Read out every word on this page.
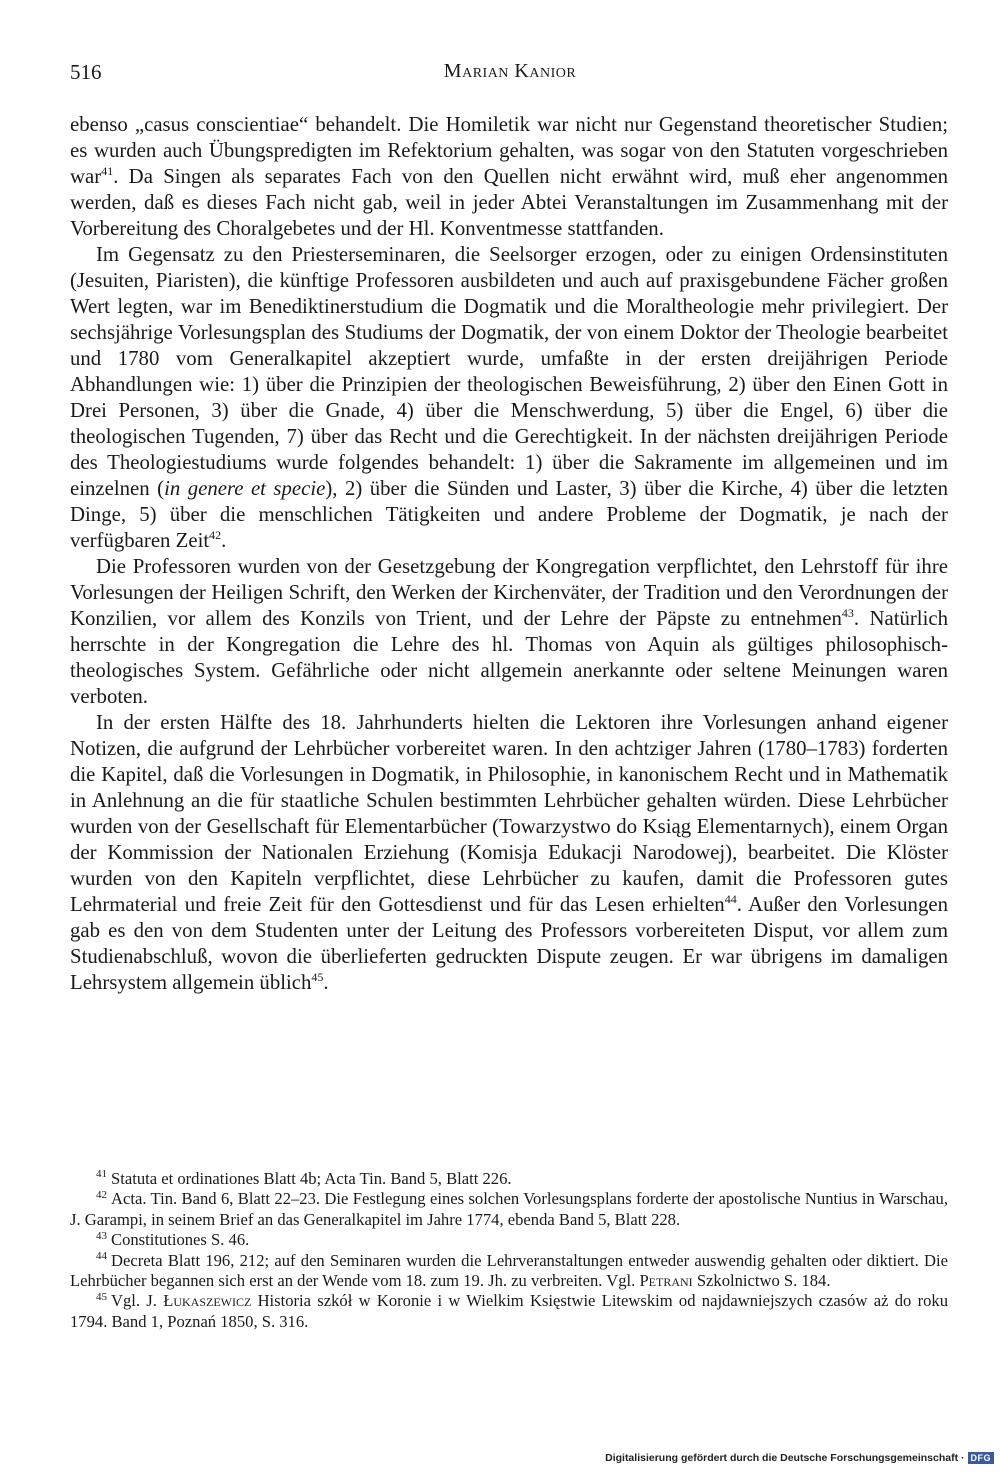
516	Marian Kanior

ebenso „casus conscientiae“ behandelt. Die Homiletik war nicht nur Gegenstand theoretischer Studien; es wurden auch Übungspredigten im Refektorium gehalten, was sogar von den Statuten vorgeschrieben war$^{41}$. Da Singen als separates Fach von den Quellen nicht erwähnt wird, muß eher angenommen werden, daß es dieses Fach nicht gab, weil in jeder Abtei Veranstaltungen im Zusammenhang mit der Vorbereitung des Choralgebetes und der Hl. Konventmesse stattfanden.

Im Gegensatz zu den Priesterseminaren, die Seelsorger erzogen, oder zu einigen Ordensinstituten (Jesuiten, Piaristen), die künftige Professoren ausbildeten und auch auf praxisgebundene Fächer großen Wert legten, war im Benediktinerstudium die Dogmatik und die Moraltheologie mehr privilegiert. Der sechsjährige Vorlesungsplan des Studiums der Dogmatik, der von einem Doktor der Theologie bearbeitet und 1780 vom Generalkapitel akzeptiert wurde, umfaßte in der ersten dreijährigen Periode Abhandlungen wie: 1) über die Prinzipien der theologischen Beweisführung, 2) über den Einen Gott in Drei Personen, 3) über die Gnade, 4) über die Menschwerdung, 5) über die Engel, 6) über die theologischen Tugenden, 7) über das Recht und die Gerechtigkeit. In der nächsten dreijährigen Periode des Theologiestudiums wurde folgendes behandelt: 1) über die Sakramente im allgemeinen und im einzelnen (in genere et specie), 2) über die Sünden und Laster, 3) über die Kirche, 4) über die letzten Dinge, 5) über die menschlichen Tätigkeiten und andere Probleme der Dogmatik, je nach der verfügbaren Zeit$^{42}$.

Die Professoren wurden von der Gesetzgebung der Kongregation verpflichtet, den Lehrstoff für ihre Vorlesungen der Heiligen Schrift, den Werken der Kirchenväter, der Tradition und den Verordnungen der Konzilien, vor allem des Konzils von Trient, und der Lehre der Päpste zu entnehmen$^{43}$. Natürlich herrschte in der Kongregation die Lehre des hl. Thomas von Aquin als gültiges philosophisch-theologisches System. Gefährliche oder nicht allgemein anerkannte oder seltene Meinungen waren verboten.

In der ersten Hälfte des 18. Jahrhunderts hielten die Lektoren ihre Vorlesungen anhand eigener Notizen, die aufgrund der Lehrbücher vorbereitet waren. In den achtziger Jahren (1780–1783) forderten die Kapitel, daß die Vorlesungen in Dogmatik, in Philosophie, in kanonischem Recht und in Mathematik in Anlehnung an die für staatliche Schulen bestimmten Lehrbücher gehalten würden. Diese Lehrbücher wurden von der Gesellschaft für Elementarbücher (Towarzystwo do Ksiąg Elementarnych), einem Organ der Kommission der Nationalen Erziehung (Komisja Edukacji Narodowej), bearbeitet. Die Klöster wurden von den Kapiteln verpflichtet, diese Lehrbücher zu kaufen, damit die Professoren gutes Lehrmaterial und freie Zeit für den Gottesdienst und für das Lesen erhielten$^{44}$. Außer den Vorlesungen gab es den von dem Studenten unter der Leitung des Professors vorbereiteten Disput, vor allem zum Studienabschluß, wovon die überlieferten gedruckten Dispute zeugen. Er war übrigens im damaligen Lehrsystem allgemein üblich$^{45}$.

$^{41}$ Statuta et ordinationes Blatt 4b; Acta Tin. Band 5, Blatt 226.

$^{42}$ Acta. Tin. Band 6, Blatt 22–23. Die Festlegung eines solchen Vorlesungsplans forderte der apostolische Nuntius in Warschau, J. Garampi, in seinem Brief an das Generalkapitel im Jahre 1774, ebenda Band 5, Blatt 228.

$^{43}$ Constitutiones S. 46.

$^{44}$ Decreta Blatt 196, 212; auf den Seminaren wurden die Lehrveranstaltungen entweder auswendig gehalten oder diktiert. Die Lehrbücher begannen sich erst an der Wende vom 18. zum 19. Jh. zu verbreiten. Vgl. Petrani Szkolnictwo S. 184.

$^{45}$ Vgl. J. Łukaszewicz Historia szkół w Koronie i w Wielkim Księstwie Litewskim od najdawniejszych czasów aż do roku 1794. Band 1, Poznań 1850, S. 316.

Digitalisierung gefördert durch die Deutsche Forschungsgemeinschaft · DFG
